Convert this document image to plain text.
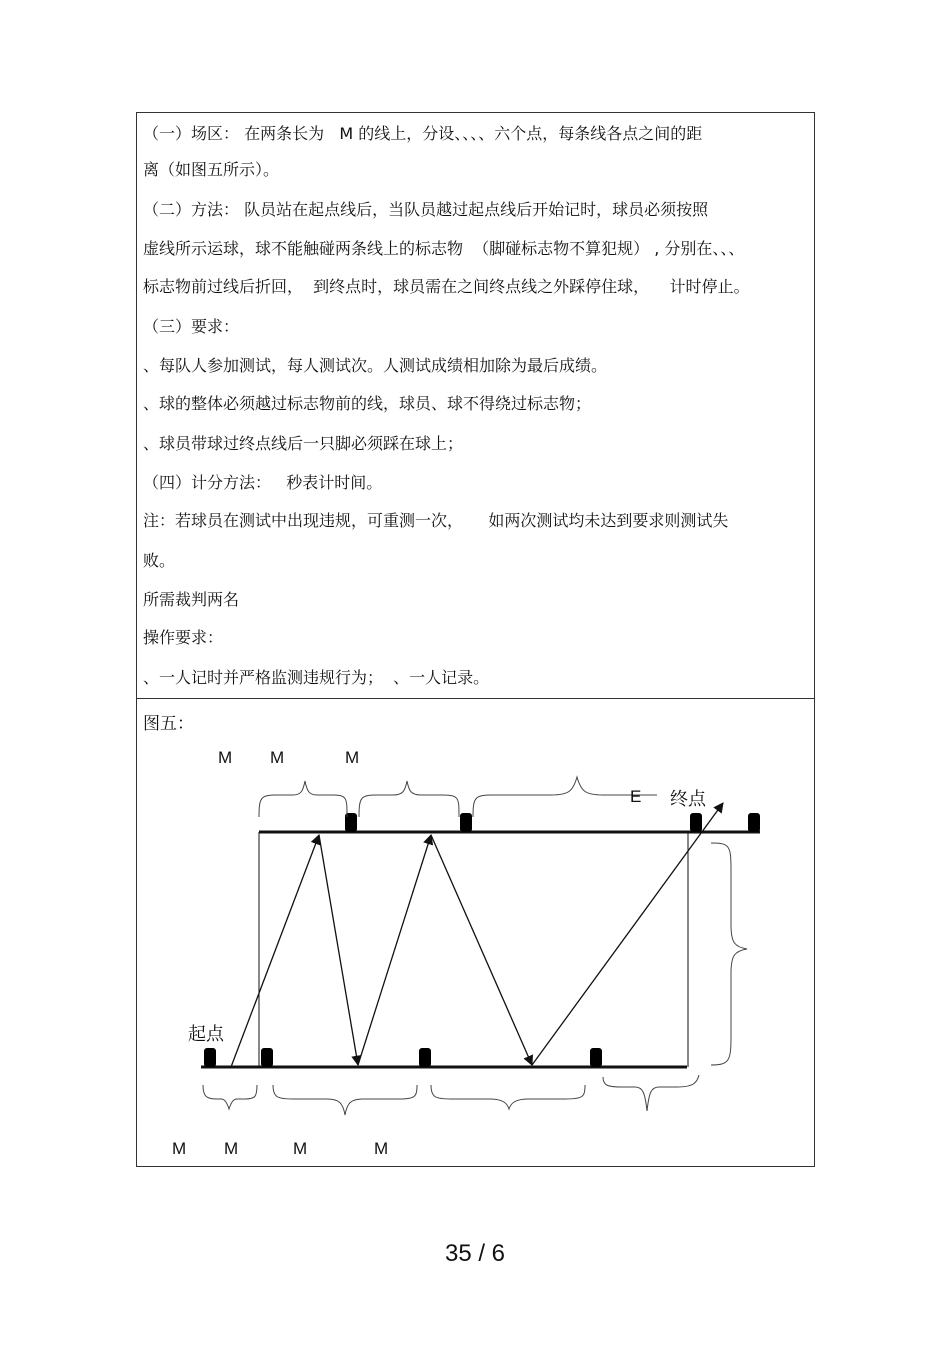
（一）场区： 在两条长为   M 的线上，分设、、、、六个点，每条线各点之间的距
离（如图五所示）。
（二）方法： 队员站在起点线后，当队员越过起点线后开始记时，球员必须按照
虚线所示运球，球不能触碰两条线上的标志物  （脚碰标志物不算犯规） , 分别在、、、
标志物前过线后折回，  到终点时，球员需在之间终点线之外踩停住球，    计时停止。
（三）要求：
、每队人参加测试，每人测试次。人测试成绩相加除为最后成绩。
、球的整体必须越过标志物前的线，球员、球不得绕过标志物；
、球员带球过终点线后一只脚必须踩在球上；
（四）计分方法：   秒表计时间。
注：若球员在测试中出现违规，可重测一次，     如两次测试均未达到要求则测试失
败。
所需裁判两名
操作要求：
、一人记时并严格监测违规行为；  、一人记录。
图五：
M M	M
E 终点
起点
M M	M	M
35 / 6
